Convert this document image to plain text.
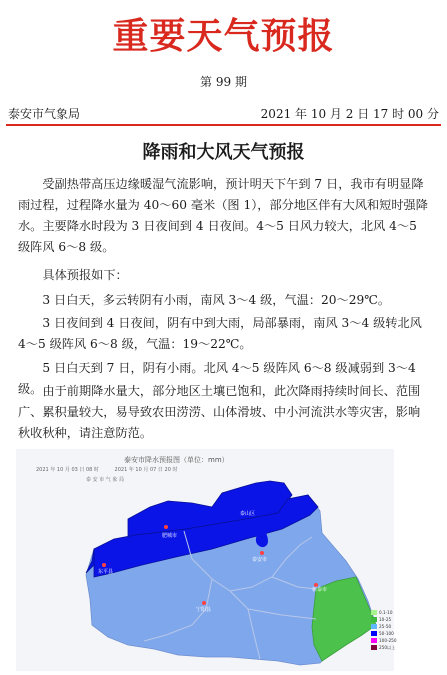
重要天气预报
第 99 期
泰安市气象局	2021 年 10 月 2 日 17 时 00 分
降雨和大风天气预报
受副热带高压边缘暖湿气流影响，预计明天下午到 7 日，我市有明显降雨过程，过程降水量为 40～60 毫米（图 1），部分地区伴有大风和短时强降水。主要降水时段为 3 日夜间到 4 日夜间。4～5 日风力较大，北风 4～5 级阵风 6～8 级。
具体预报如下：
3 日白天，多云转阴有小雨，南风 3～4 级，气温：20～29℃。
3 日夜间到 4 日夜间，阴有中到大雨，局部暴雨，南风 3～4 级转北风 4～5 级阵风 6～8 级，气温：19～22℃。
5 日白天到 7 日，阴有小雨。北风 4～5 级阵风 6～8 级减弱到 3～4 级。 由于前期降水量大，部分地区土壤已饱和，此次降雨持续时间长、范围广、累积量较大，易导致农田涝涝、山体滑坡、中小河流洪水等灾害，影响秋收秋种，请注意防范。
肥城市
泰山区
东平县
泰安市
宁阳县
新泰市
泰安市降水预报图（单位：mm）
2021 年 10 月 03 日 08 时	2021 年 10 月 07 日 20 时
泰 安 市 气 象 局
0.1-10
10-25
25-50
50-100
100-250
250以上
